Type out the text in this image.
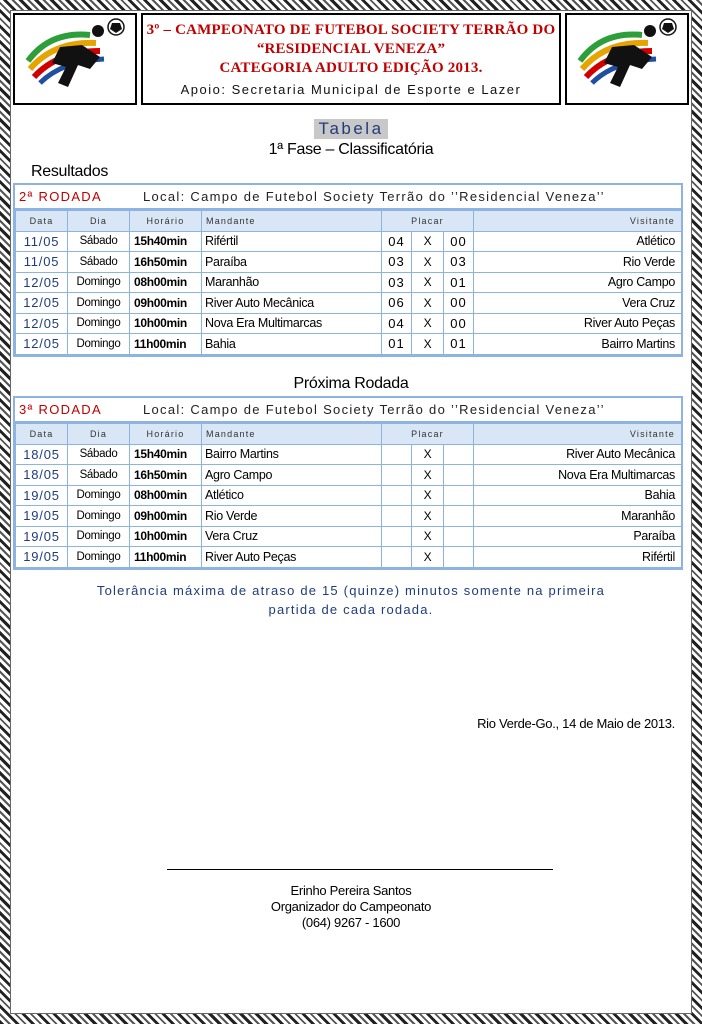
3º – CAMPEONATO DE FUTEBOL SOCIETY TERRÃO DO
“RESIDENCIAL VENEZA”
CATEGORIA ADULTO EDIÇÃO 2013.
Apoio: Secretaria Municipal de Esporte e Lazer
Tabela
1ª Fase – Classificatória
Resultados
2ª RODADA	Local: Campo de Futebol Society Terrão do ’’Residencial Veneza’’
Data	Dia	Horário	Mandante	Placar			Visitante
11/05	Sábado	15h40min	Rifértil	04	X	00	Atlético
11/05	Sábado	16h50min	Paraíba	03	X	03	Rio Verde
12/05	Domingo	08h00min	Maranhão	03	X	01	Agro Campo
12/05	Domingo	09h00min	River Auto Mecânica	06	X	00	Vera Cruz
12/05	Domingo	10h00min	Nova Era Multimarcas	04	X	00	River Auto Peças
12/05	Domingo	11h00min	Bahia	01	X	01	Bairro Martins
Próxima Rodada
3ª RODADA	Local: Campo de Futebol Society Terrão do ’’Residencial Veneza’’
Data	Dia	Horário	Mandante	Placar			Visitante
18/05	Sábado	15h40min	Bairro Martins		X		River Auto Mecânica
18/05	Sábado	16h50min	Agro Campo		X		Nova Era Multimarcas
19/05	Domingo	08h00min	Atlético		X		Bahia
19/05	Domingo	09h00min	Rio Verde		X		Maranhão
19/05	Domingo	10h00min	Vera Cruz		X		Paraíba
19/05	Domingo	11h00min	River Auto Peças		X		Rifértil
Tolerância máxima de atraso de 15 (quinze) minutos somente na primeira
partida de cada rodada.
Rio Verde-Go., 14 de Maio de 2013.
Erinho Pereira Santos
Organizador do Campeonato
(064) 9267 - 1600
